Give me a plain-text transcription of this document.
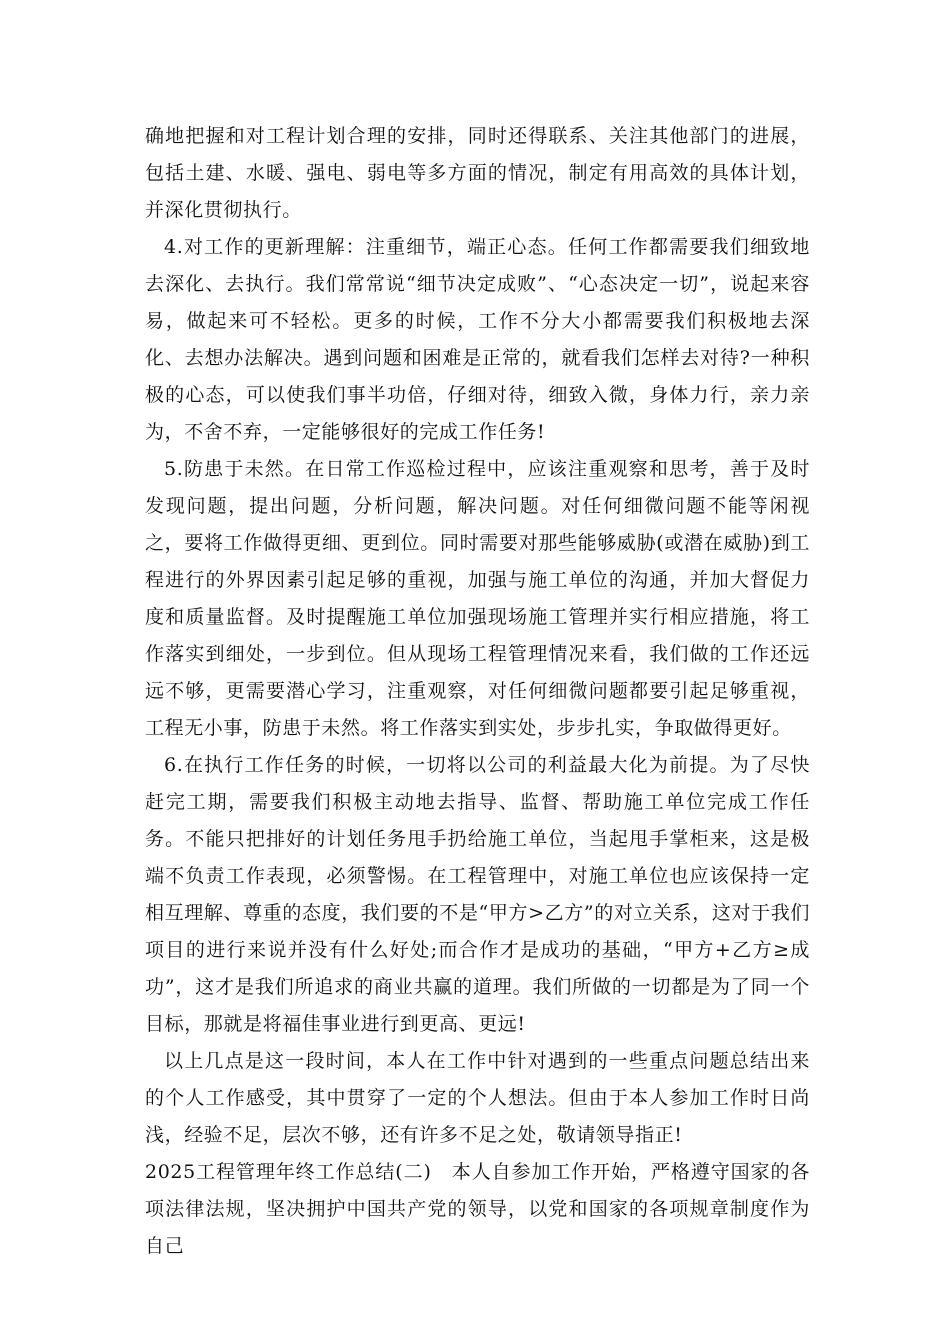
确地把握和对工程计划合理的安排，同时还得联系、关注其他部门的进展，包括土建、水暖、强电、弱电等多方面的情况，制定有用高效的具体计划，并深化贯彻执行。

4.对工作的更新理解：注重细节，端正心态。任何工作都需要我们细致地去深化、去执行。我们常常说“细节决定成败”、“心态决定一切”，说起来容易，做起来可不轻松。更多的时候，工作不分大小都需要我们积极地去深化、去想办法解决。遇到问题和困难是正常的，就看我们怎样去对待?一种积极的心态，可以使我们事半功倍，仔细对待，细致入微，身体力行，亲力亲为，不舍不弃，一定能够很好的完成工作任务!

5.防患于未然。在日常工作巡检过程中，应该注重观察和思考，善于及时发现问题，提出问题，分析问题，解决问题。对任何细微问题不能等闲视之，要将工作做得更细、更到位。同时需要对那些能够威胁(或潜在威胁)到工程进行的外界因素引起足够的重视，加强与施工单位的沟通，并加大督促力度和质量监督。及时提醒施工单位加强现场施工管理并实行相应措施，将工作落实到细处，一步到位。但从现场工程管理情况来看，我们做的工作还远远不够，更需要潜心学习，注重观察，对任何细微问题都要引起足够重视，工程无小事，防患于未然。将工作落实到实处，步步扎实，争取做得更好。

6.在执行工作任务的时候，一切将以公司的利益最大化为前提。为了尽快赶完工期，需要我们积极主动地去指导、监督、帮助施工单位完成工作任务。不能只把排好的计划任务甩手扔给施工单位，当起甩手掌柜来，这是极端不负责工作表现，必须警惕。在工程管理中，对施工单位也应该保持一定相互理解、尊重的态度，我们要的不是“甲方>乙方”的对立关系，这对于我们项目的进行来说并没有什么好处;而合作才是成功的基础，“甲方+乙方≥成功”，这才是我们所追求的商业共赢的道理。我们所做的一切都是为了同一个目标，那就是将福佳事业进行到更高、更远!

以上几点是这一段时间，本人在工作中针对遇到的一些重点问题总结出来的个人工作感受，其中贯穿了一定的个人想法。但由于本人参加工作时日尚浅，经验不足，层次不够，还有许多不足之处，敬请领导指正!

2025工程管理年终工作总结(二)　本人自参加工作开始，严格遵守国家的各项法律法规，坚决拥护中国共产党的领导，以党和国家的各项规章制度作为自己
